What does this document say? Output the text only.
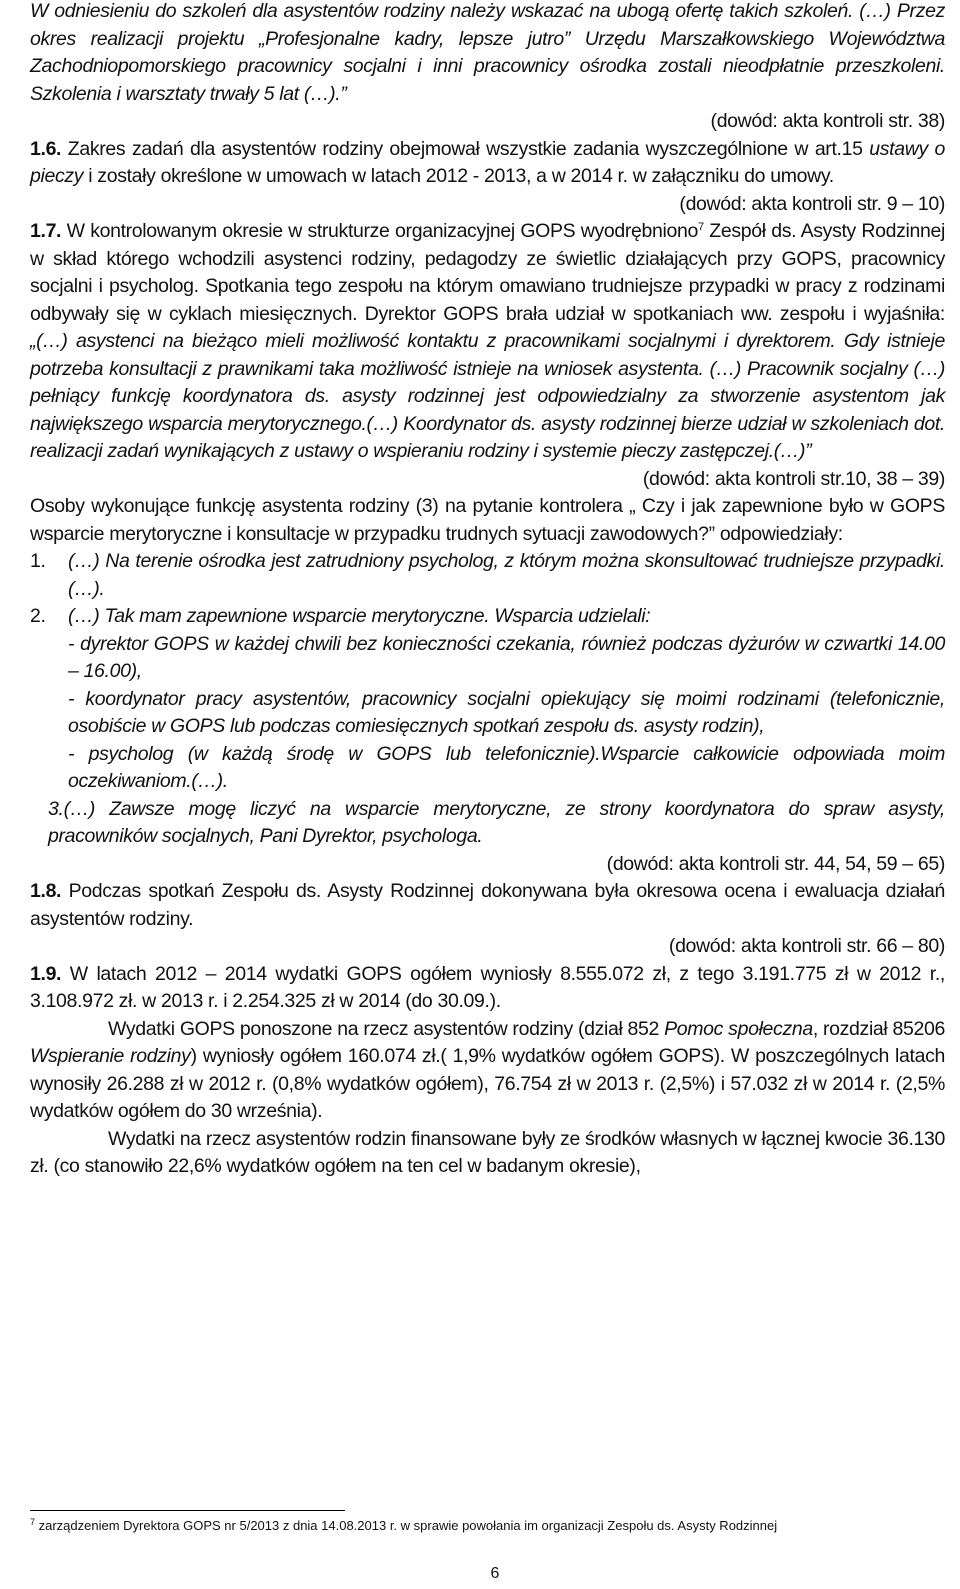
W odniesieniu do szkoleń dla asystentów rodziny należy wskazać na ubogą ofertę takich szkoleń. (…) Przez okres realizacji projektu „Profesjonalne kadry, lepsze jutro” Urzędu Marszałkowskiego Województwa Zachodniopomorskiego pracownicy socjalni i inni pracownicy ośrodka zostali nieodpłatnie przeszkoleni. Szkolenia i warsztaty trwały 5 lat (…).”

(dowód: akta kontroli str. 38)

1.6. Zakres zadań dla asystentów rodziny obejmował wszystkie zadania wyszczególnione w art.15 ustawy o pieczy i zostały określone w umowach w latach 2012 - 2013, a w 2014 r. w załączniku do umowy.

(dowód: akta kontroli str. 9 – 10)

1.7. W kontrolowanym okresie w strukturze organizacyjnej GOPS wyodrębniono$^7$ Zespół ds. Asysty Rodzinnej w skład którego wchodzili asystenci rodziny, pedagodzy ze świetlic działających przy GOPS, pracownicy socjalni i psycholog. Spotkania tego zespołu na którym omawiano trudniejsze przypadki w pracy z rodzinami odbywały się w cyklach miesięcznych. Dyrektor GOPS brała udział w spotkaniach ww. zespołu i wyjaśniła:„(…) asystenci na bieżąco mieli możliwość kontaktu z pracownikami socjalnymi i dyrektorem. Gdy istnieje potrzeba konsultacji z prawnikami taka możliwość istnieje na wniosek asystenta. (…) Pracownik socjalny (…) pełniący funkcję koordynatora ds. asysty rodzinnej jest odpowiedzialny za stworzenie asystentom jak największego wsparcia merytorycznego.(…) Koordynator ds. asysty rodzinnej bierze udział w szkoleniach dot. realizacji zadań wynikających z ustawy o wspieraniu rodziny i systemie pieczy zastępczej.(…)”

(dowód: akta kontroli str.10, 38 – 39)

Osoby wykonujące funkcję asystenta rodziny (3) na pytanie kontrolera „ Czy i jak zapewnione było w GOPS wsparcie merytoryczne i konsultacje w przypadku trudnych sytuacji zawodowych?” odpowiedziały:

1.	(…) Na terenie ośrodka jest zatrudniony psycholog, z którym można skonsultować trudniejsze przypadki.(…).
2.	(…) Tak mam zapewnione wsparcie merytoryczne. Wsparcia udzielali:

- dyrektor GOPS w każdej chwili bez konieczności czekania, również podczas dyżurów w czwartki 14.00 – 16.00),

- koordynator pracy asystentów, pracownicy socjalni opiekujący się moimi rodzinami (telefonicznie, osobiście w GOPS lub podczas comiesięcznych spotkań zespołu ds. asysty rodzin),

- psycholog (w każdą środę w GOPS lub telefonicznie).Wsparcie całkowicie odpowiada moim oczekiwaniom.(…).

3.(…) Zawsze mogę liczyć na wsparcie merytoryczne, ze strony koordynatora do spraw asysty, pracowników socjalnych, Pani Dyrektor, psychologa.

(dowód: akta kontroli str. 44, 54, 59 – 65)

1.8. Podczas spotkań Zespołu ds. Asysty Rodzinnej dokonywana była okresowa ocena i ewaluacja działań asystentów rodziny.

(dowód: akta kontroli str. 66 – 80)

1.9. W latach 2012 – 2014 wydatki GOPS ogółem wyniosły 8.555.072 zł, z tego 3.191.775 zł w 2012 r., 3.108.972 zł. w 2013 r. i 2.254.325 zł w 2014 (do 30.09.).

Wydatki GOPS ponoszone na rzecz asystentów rodziny (dział 852 Pomoc społeczna, rozdział 85206 Wspieranie rodziny) wyniosły ogółem 160.074 zł.( 1,9% wydatków ogółem GOPS). W poszczególnych latach wynosiły 26.288 zł w 2012 r. (0,8% wydatków ogółem), 76.754 zł w 2013 r. (2,5%) i 57.032 zł w 2014 r. (2,5% wydatków ogółem do 30 września).

Wydatki na rzecz asystentów rodzin finansowane były ze środków własnych w łącznej kwocie 36.130 zł. (co stanowiło 22,6% wydatków ogółem na ten cel w badanym okresie),

$^7$ zarządzeniem Dyrektora GOPS nr 5/2013 z dnia 14.08.2013 r. w sprawie powołania im organizacji Zespołu ds. Asysty Rodzinnej
6
